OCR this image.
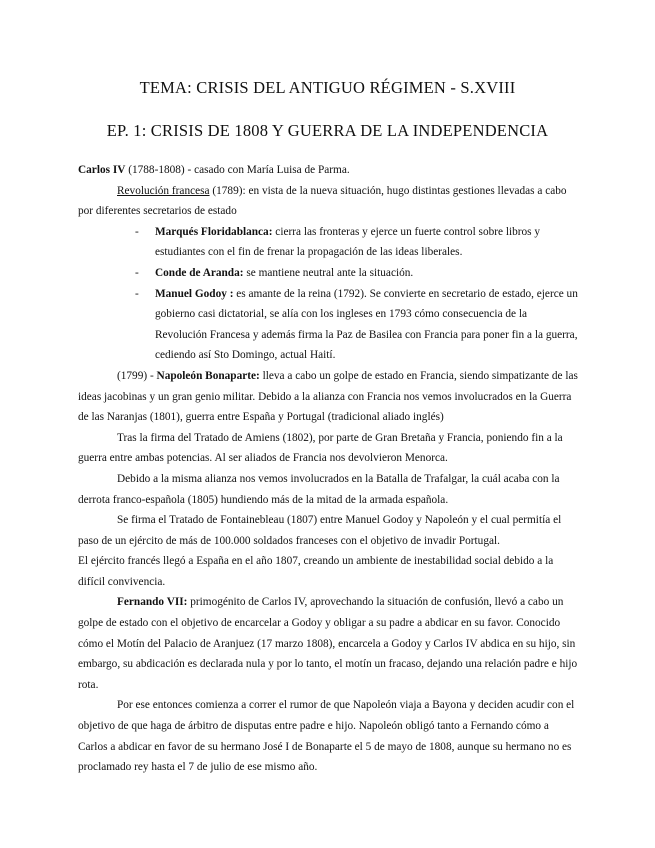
TEMA: CRISIS DEL ANTIGUO RÉGIMEN - S.XVIII
EP. 1: CRISIS DE 1808 Y GUERRA DE LA INDEPENDENCIA

Carlos IV (1788-1808) - casado con María Luisa de Parma.

Revolución francesa (1789): en vista de la nueva situación, hugo distintas gestiones llevadas a cabo por diferentes secretarios de estado

- Marqués Floridablanca: cierra las fronteras y ejerce un fuerte control sobre libros y estudiantes con el fin de frenar la propagación de las ideas liberales.
- Conde de Aranda: se mantiene neutral ante la situación.
- Manuel Godoy : es amante de la reina (1792). Se convierte en secretario de estado, ejerce un gobierno casi dictatorial, se alía con los ingleses en 1793 cómo consecuencia de la Revolución Francesa y además firma la Paz de Basilea con Francia para poner fin a la guerra, cediendo así Sto Domingo, actual Haití.

(1799) - Napoleón Bonaparte: lleva a cabo un golpe de estado en Francia, siendo simpatizante de las ideas jacobinas y un gran genio militar. Debido a la alianza con Francia nos vemos involucrados en la Guerra de las Naranjas (1801), guerra entre España y Portugal (tradicional aliado inglés)

Tras la firma del Tratado de Amiens (1802), por parte de Gran Bretaña y Francia, poniendo fin a la guerra entre ambas potencias. Al ser aliados de Francia nos devolvieron Menorca.

Debido a la misma alianza nos vemos involucrados en la Batalla de Trafalgar, la cuál acaba con la derrota franco-española (1805) hundiendo más de la mitad de la armada española.

Se firma el Tratado de Fontainebleau (1807) entre Manuel Godoy y Napoleón y el cual permitía el paso de un ejército de más de 100.000 soldados franceses con el objetivo de invadir Portugal.

El ejército francés llegó a España en el año 1807, creando un ambiente de inestabilidad social debido a la difícil convivencia.

Fernando VII: primogénito de Carlos IV, aprovechando la situación de confusión, llevó a cabo un golpe de estado con el objetivo de encarcelar a Godoy y obligar a su padre a abdicar en su favor. Conocido cómo el Motín del Palacio de Aranjuez (17 marzo 1808), encarcela a Godoy y Carlos IV abdica en su hijo, sin embargo, su abdicación es declarada nula y por lo tanto, el motín un fracaso, dejando una relación padre e hijo rota.

Por ese entonces comienza a correr el rumor de que Napoleón viaja a Bayona y deciden acudir con el objetivo de que haga de árbitro de disputas entre padre e hijo. Napoleón obligó tanto a Fernando cómo a Carlos a abdicar en favor de su hermano José I de Bonaparte el 5 de mayo de 1808, aunque su hermano no es proclamado rey hasta el 7 de julio de ese mismo año.
